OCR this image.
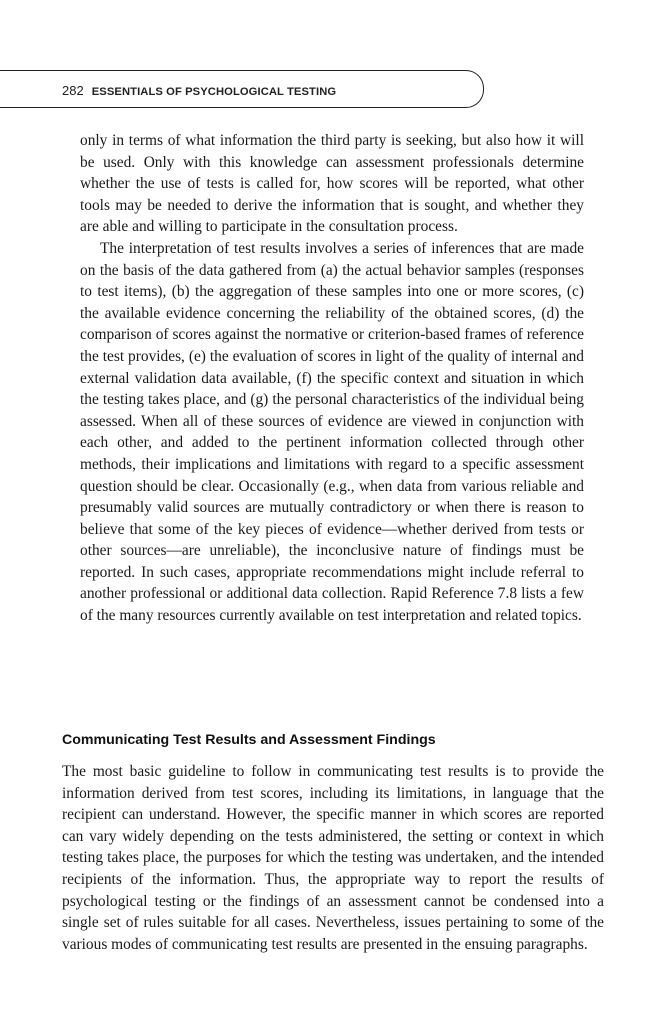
282 ESSENTIALS OF PSYCHOLOGICAL TESTING

only in terms of what information the third party is seeking, but also how it will be used. Only with this knowledge can assessment professionals determine whether the use of tests is called for, how scores will be reported, what other tools may be needed to derive the information that is sought, and whether they are able and willing to participate in the consultation process.

The interpretation of test results involves a series of inferences that are made on the basis of the data gathered from (a) the actual behavior samples (responses to test items), (b) the aggregation of these samples into one or more scores, (c) the available evidence concerning the reliability of the obtained scores, (d) the comparison of scores against the normative or criterion-based frames of reference the test provides, (e) the evaluation of scores in light of the quality of internal and external validation data available, (f) the specific context and situation in which the testing takes place, and (g) the personal characteristics of the individual being assessed. When all of these sources of evidence are viewed in conjunction with each other, and added to the pertinent information collected through other methods, their implications and limitations with regard to a specific assessment question should be clear. Occasionally (e.g., when data from various reliable and presumably valid sources are mutually contradictory or when there is reason to believe that some of the key pieces of evidence—whether derived from tests or other sources—are unreliable), the inconclusive nature of findings must be reported. In such cases, appropriate recommendations might include referral to another professional or additional data collection. Rapid Reference 7.8 lists a few of the many resources currently available on test interpretation and related topics.

Communicating Test Results and Assessment Findings

The most basic guideline to follow in communicating test results is to provide the information derived from test scores, including its limitations, in language that the recipient can understand. However, the specific manner in which scores are reported can vary widely depending on the tests administered, the setting or context in which testing takes place, the purposes for which the testing was undertaken, and the intended recipients of the information. Thus, the appropriate way to report the results of psychological testing or the findings of an assessment cannot be condensed into a single set of rules suitable for all cases. Nevertheless, issues pertaining to some of the various modes of communicating test results are presented in the ensuing paragraphs.
